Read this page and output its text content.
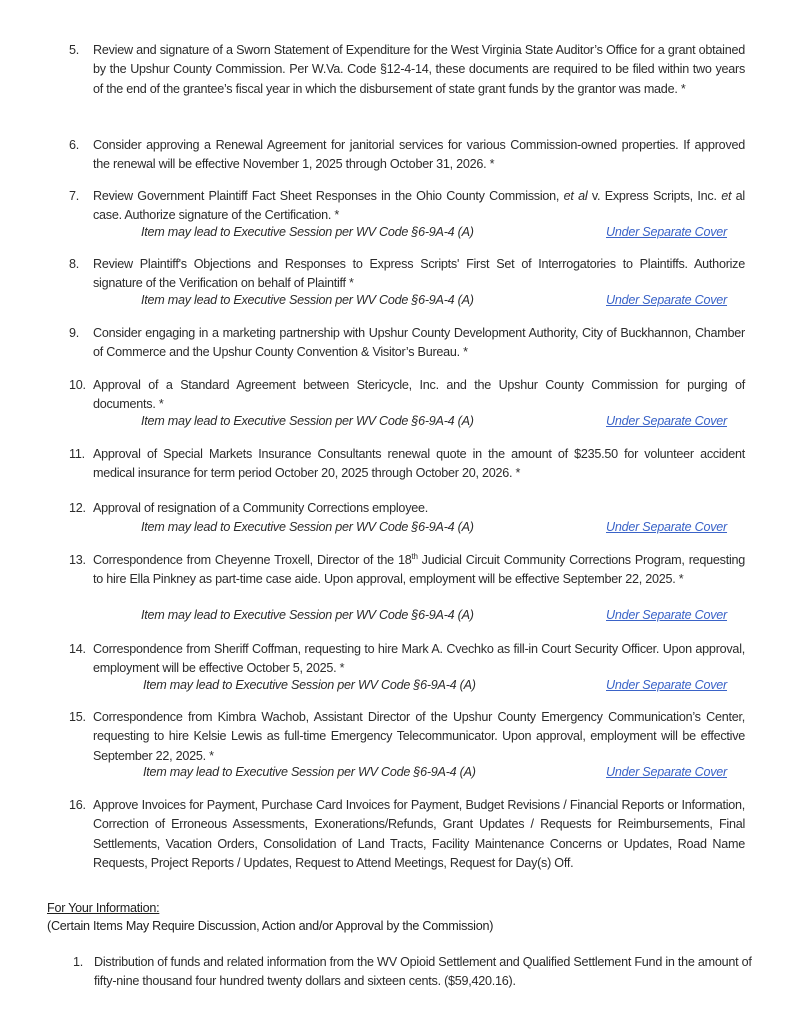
5. Review and signature of a Sworn Statement of Expenditure for the West Virginia State Auditor’s Office for a grant obtained by the Upshur County Commission. Per W.Va. Code §12-4-14, these documents are required to be filed within two years of the end of the grantee’s fiscal year in which the disbursement of state grant funds by the grantor was made. *
6. Consider approving a Renewal Agreement for janitorial services for various Commission-owned properties. If approved the renewal will be effective November 1, 2025 through October 31, 2026. *
7. Review Government Plaintiff Fact Sheet Responses in the Ohio County Commission, et al v. Express Scripts, Inc. et al case. Authorize signature of the Certification. *
Item may lead to Executive Session per WV Code §6-9A-4 (A)	Under Separate Cover
8. Review Plaintiff's Objections and Responses to Express Scripts' First Set of Interrogatories to Plaintiffs. Authorize signature of the Verification on behalf of Plaintiff *
Item may lead to Executive Session per WV Code §6-9A-4 (A)	Under Separate Cover
9. Consider engaging in a marketing partnership with Upshur County Development Authority, City of Buckhannon, Chamber of Commerce and the Upshur County Convention & Visitor’s Bureau. *
10. Approval of a Standard Agreement between Stericycle, Inc. and the Upshur County Commission for purging of documents. *
Item may lead to Executive Session per WV Code §6-9A-4 (A)	Under Separate Cover
11. Approval of Special Markets Insurance Consultants renewal quote in the amount of $235.50 for volunteer accident medical insurance for term period October 20, 2025 through October 20, 2026. *
12. Approval of resignation of a Community Corrections employee.
Item may lead to Executive Session per WV Code §6-9A-4 (A)	Under Separate Cover
13. Correspondence from Cheyenne Troxell, Director of the 18th Judicial Circuit Community Corrections Program, requesting to hire Ella Pinkney as part-time case aide. Upon approval, employment will be effective September 22, 2025. *
Item may lead to Executive Session per WV Code §6-9A-4 (A)	Under Separate Cover
14. Correspondence from Sheriff Coffman, requesting to hire Mark A. Cvechko as fill-in Court Security Officer. Upon approval, employment will be effective October 5, 2025. *
Item may lead to Executive Session per WV Code §6-9A-4 (A)	Under Separate Cover
15. Correspondence from Kimbra Wachob, Assistant Director of the Upshur County Emergency Communication’s Center, requesting to hire Kelsie Lewis as full-time Emergency Telecommunicator. Upon approval, employment will be effective September 22, 2025. *
Item may lead to Executive Session per WV Code §6-9A-4 (A)	Under Separate Cover
16. Approve Invoices for Payment, Purchase Card Invoices for Payment, Budget Revisions / Financial Reports or Information, Correction of Erroneous Assessments, Exonerations/Refunds, Grant Updates / Requests for Reimbursements, Final Settlements, Vacation Orders, Consolidation of Land Tracts, Facility Maintenance Concerns or Updates, Road Name Requests, Project Reports / Updates, Request to Attend Meetings, Request for Day(s) Off.
For Your Information:
(Certain Items May Require Discussion, Action and/or Approval by the Commission)
1. Distribution of funds and related information from the WV Opioid Settlement and Qualified Settlement Fund in the amount of fifty-nine thousand four hundred twenty dollars and sixteen cents. ($59,420.16).
